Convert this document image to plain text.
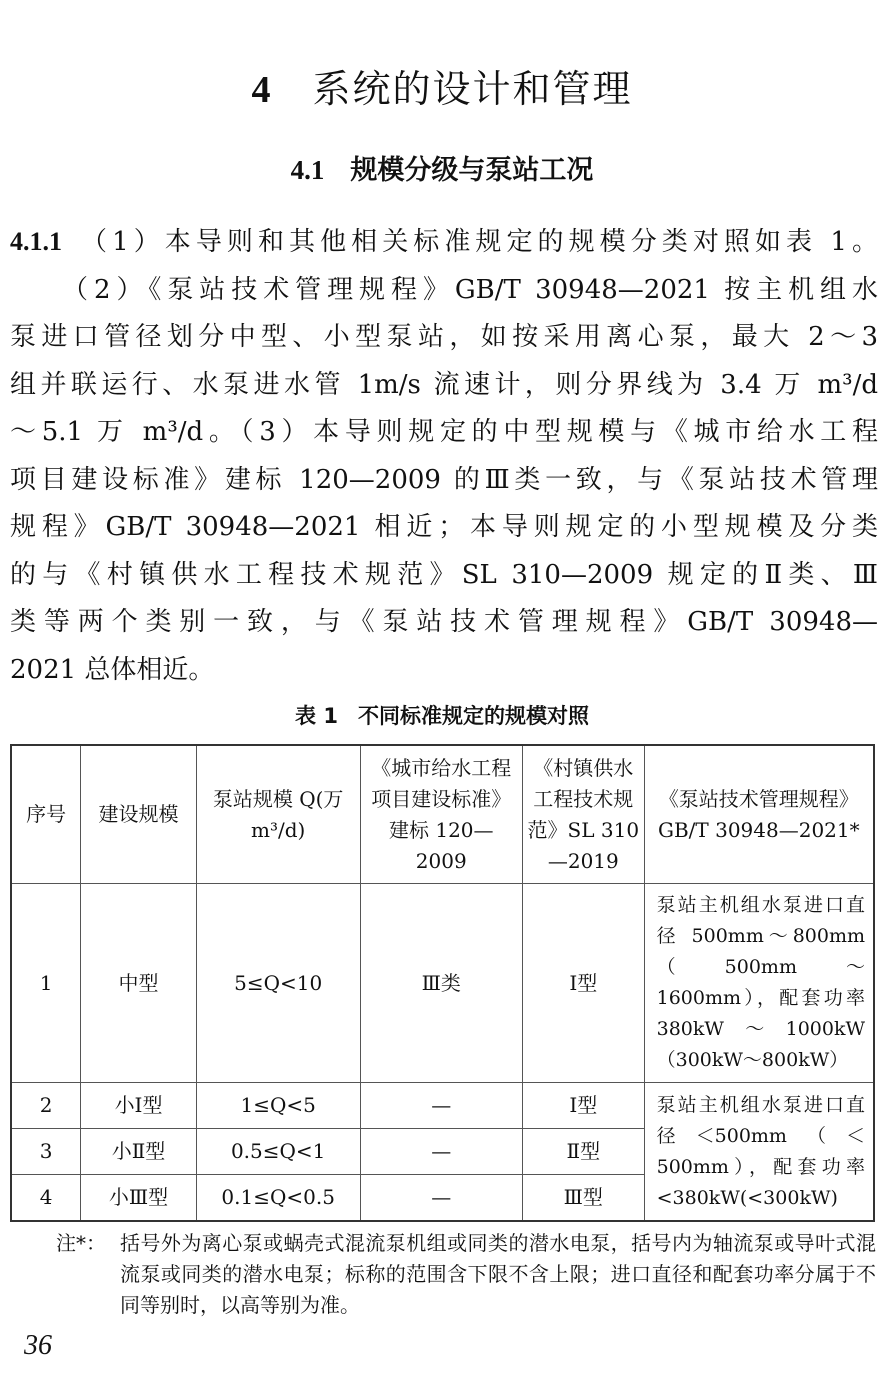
4 系统的设计和管理
4.1 规模分级与泵站工况
4.1.1 （1）本导则和其他相关标准规定的规模分类对照如表 1。
（2）《泵站技术管理规程》GB/T 30948—2021 按主机组水
泵进口管径划分中型、小型泵站，如按采用离心泵，最大 2～3
组并联运行、水泵进水管 1m/s 流速计，则分界线为 3.4 万 m³/d
～5.1 万 m³/d。（3）本导则规定的中型规模与《城市给水工程
项目建设标准》建标 120—2009 的Ⅲ类一致，与《泵站技术管理
规程》GB/T 30948—2021 相近；本导则规定的小型规模及分类
的与《村镇供水工程技术规范》SL 310—2009 规定的Ⅱ类、Ⅲ
类等两个类别一致，与《泵站技术管理规程》GB/T 30948—
2021 总体相近。
表 1 不同标准规定的规模对照
序号	建设规模	泵站规模 Q(万 m³/d)	《城市给水工程项目建设标准》建标 120—2009	《村镇供水工程技术规范》SL 310—2019	《泵站技术管理规程》GB/T 30948—2021*
1	中型	5≤Q<10	Ⅲ类	Ⅰ型	泵站主机组水泵进口直径 500mm～800mm（500mm～1600mm），配套功率 380kW～1000kW（300kW～800kW）
2	小Ⅰ型	1≤Q<5	—	Ⅰ型	泵站主机组水泵进口直径＜500mm（＜500mm），配套功率<380kW(<300kW)
3	小Ⅱ型	0.5≤Q<1	—	Ⅱ型	
4	小Ⅲ型	0.1≤Q<0.5	—	Ⅲ型	
注*： 括号外为离心泵或蜗壳式混流泵机组或同类的潜水电泵，括号内为轴流泵或导叶式混流泵或同类的潜水电泵；标称的范围含下限不含上限；进口直径和配套功率分属于不同等别时，以高等别为准。
36
